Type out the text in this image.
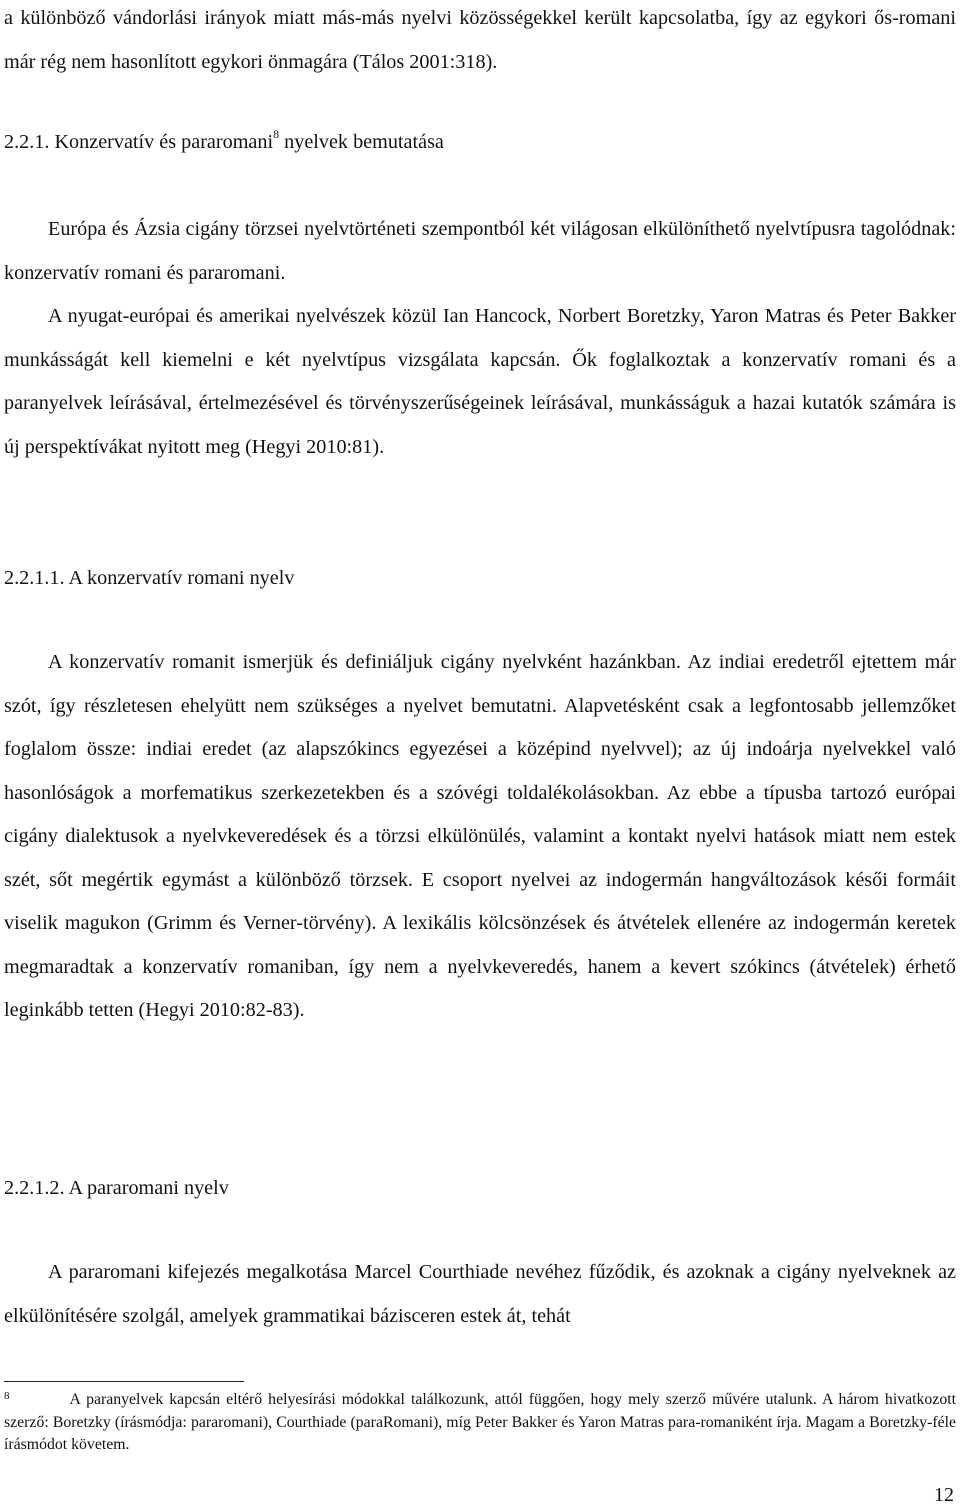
a különböző vándorlási irányok miatt más-más nyelvi közösségekkel került kapcsolatba, így az egykori ős-romani már rég nem hasonlított egykori önmagára (Tálos 2001:318).

2.2.1. Konzervatív és pararomani$^8$ nyelvek bemutatása

Európa és Ázsia cigány törzsei nyelvtörténeti szempontból két világosan elkülöníthető nyelvtípusra tagolódnak: konzervatív romani és pararomani.

A nyugat-európai és amerikai nyelvészek közül Ian Hancock, Norbert Boretzky, Yaron Matras és Peter Bakker munkásságát kell kiemelni e két nyelvtípus vizsgálata kapcsán. Ők foglalkoztak a konzervatív romani és a paranyelvek leírásával, értelmezésével és törvényszerűségeinek leírásával, munkásságuk a hazai kutatók számára is új perspektívákat nyitott meg (Hegyi 2010:81).

2.2.1.1. A konzervatív romani nyelv

A konzervatív romanit ismerjük és definiáljuk cigány nyelvként hazánkban. Az indiai eredetről ejtettem már szót, így részletesen ehelyütt nem szükséges a nyelvet bemutatni. Alapvetésként csak a legfontosabb jellemzőket foglalom össze: indiai eredet (az alapszókincs egyezései a középind nyelvvel); az új indoárja nyelvekkel való hasonlóságok a morfematikus szerkezetekben és a szóvégi toldalékolásokban. Az ebbe a típusba tartozó európai cigány dialektusok a nyelvkeveredések és a törzsi elkülönülés, valamint a kontakt nyelvi hatások miatt nem estek szét, sőt megértik egymást a különböző törzsek. E csoport nyelvei az indogermán hangváltozások késői formáit viselik magukon (Grimm és Verner-törvény). A lexikális kölcsönzések és átvételek ellenére az indogermán keretek megmaradtak a konzervatív romaniban, így nem a nyelvkeveredés, hanem a kevert szókincs (átvételek) érhető leginkább tetten (Hegyi 2010:82-83).

2.2.1.2. A pararomani nyelv

A pararomani kifejezés megalkotása Marcel Courthiade nevéhez fűződik, és azoknak a cigány nyelveknek az elkülönítésére szolgál, amelyek grammatikai bázisceren estek át, tehát

$^8$	A paranyelvek kapcsán eltérő helyesírási módokkal találkozunk, attól függően, hogy mely szerző művére utalunk. A három hivatkozott szerző: Boretzky (írásmódja: pararomani), Courthiade (paraRomani), míg Peter Bakker és Yaron Matras para-romaniként írja. Magam a Boretzky-féle írásmódot követem.

12
